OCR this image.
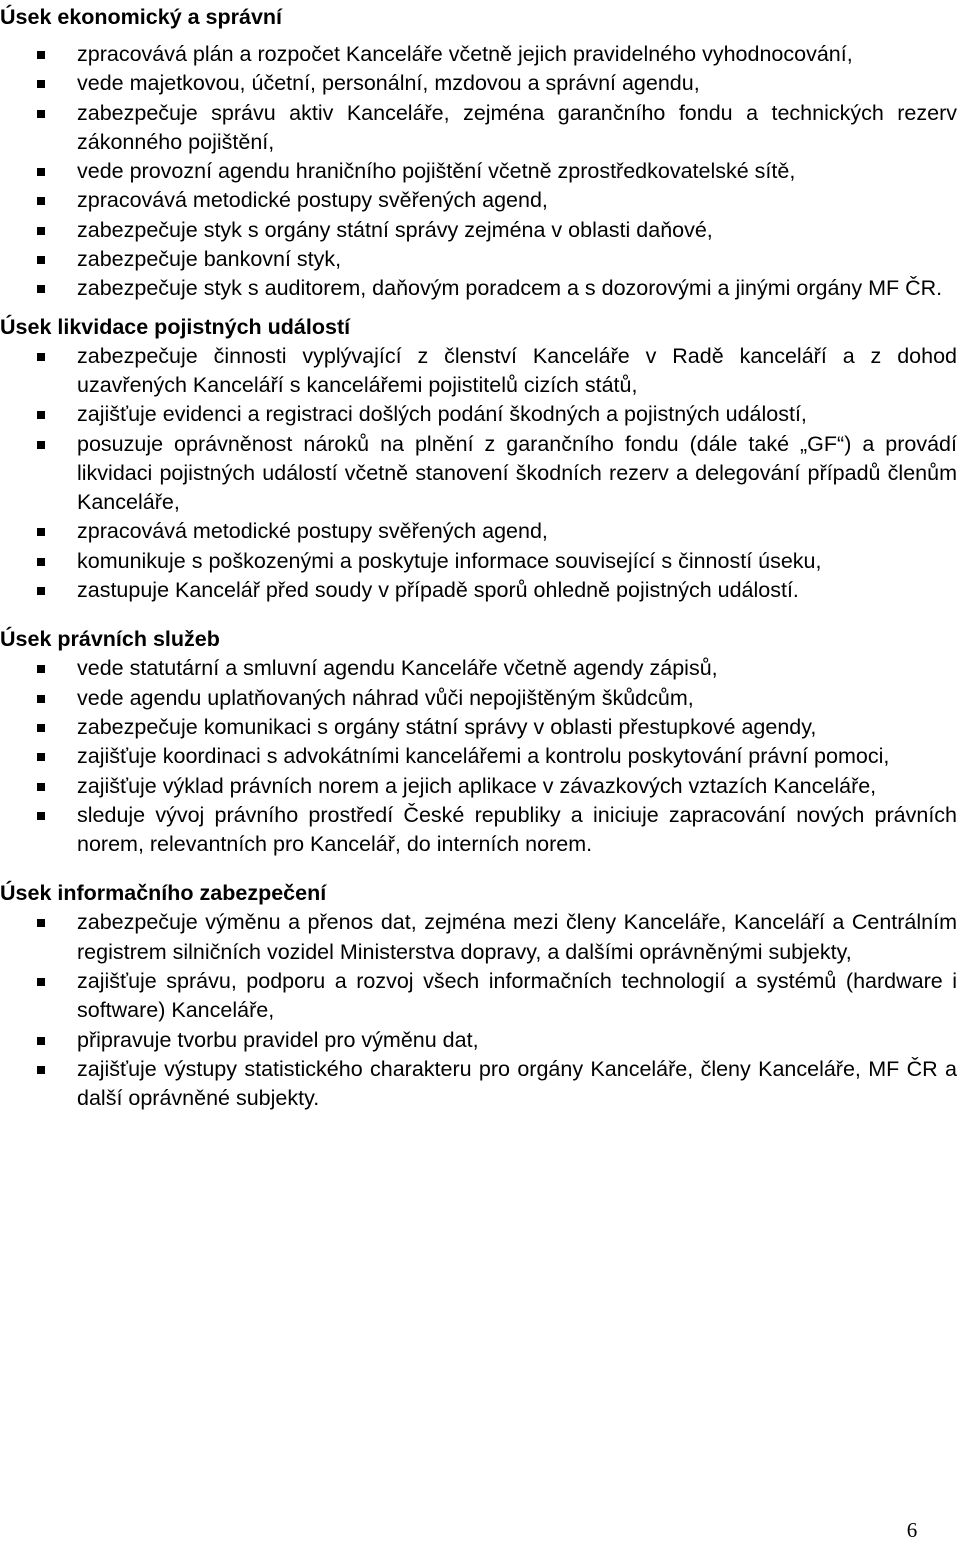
Úsek ekonomický a správní
zpracovává plán a rozpočet Kanceláře včetně jejich pravidelného vyhodnocování,
vede majetkovou, účetní, personální, mzdovou a správní agendu,
zabezpečuje správu aktiv Kanceláře, zejména garančního fondu a technických rezerv zákonného pojištění,
vede provozní agendu hraničního pojištění včetně zprostředkovatelské sítě,
zpracovává metodické postupy svěřených agend,
zabezpečuje styk s orgány státní správy zejména v oblasti daňové,
zabezpečuje bankovní styk,
zabezpečuje styk s auditorem, daňovým poradcem a s dozorovými a jinými orgány MF ČR.
Úsek likvidace pojistných událostí
zabezpečuje činnosti vyplývající z členství Kanceláře v Radě kanceláří a z dohod uzavřených Kanceláří s kancelářemi pojistitelů cizích států,
zajišťuje evidenci a registraci došlých podání škodných a pojistných událostí,
posuzuje oprávněnost nároků na plnění z garančního fondu (dále také „GF“) a provádí likvidaci pojistných událostí včetně stanovení škodních rezerv a delegování případů členům Kanceláře,
zpracovává metodické postupy svěřených agend,
komunikuje s poškozenými a poskytuje informace související s činností úseku,
zastupuje Kancelář před soudy v případě sporů ohledně pojistných událostí.
Úsek právních služeb
vede statutární a smluvní agendu Kanceláře včetně agendy zápisů,
vede agendu uplatňovaných náhrad vůči nepojištěným škůdcům,
zabezpečuje komunikaci s orgány státní správy v oblasti přestupkové agendy,
zajišťuje koordinaci s advokátními kancelářemi a kontrolu poskytování právní pomoci,
zajišťuje výklad právních norem a jejich aplikace v závazkových vztazích Kanceláře,
sleduje vývoj právního prostředí České republiky a iniciuje zapracování nových právních norem, relevantních pro Kancelář, do interních norem.
Úsek informačního zabezpečení
zabezpečuje výměnu a přenos dat, zejména mezi členy Kanceláře, Kanceláří a Centrálním registrem silničních vozidel Ministerstva dopravy, a dalšími oprávněnými subjekty,
zajišťuje správu, podporu a rozvoj všech informačních technologií a systémů (hardware i software) Kanceláře,
připravuje tvorbu pravidel pro výměnu dat,
zajišťuje výstupy statistického charakteru pro orgány Kanceláře, členy Kanceláře, MF ČR a další oprávněné subjekty.
6
